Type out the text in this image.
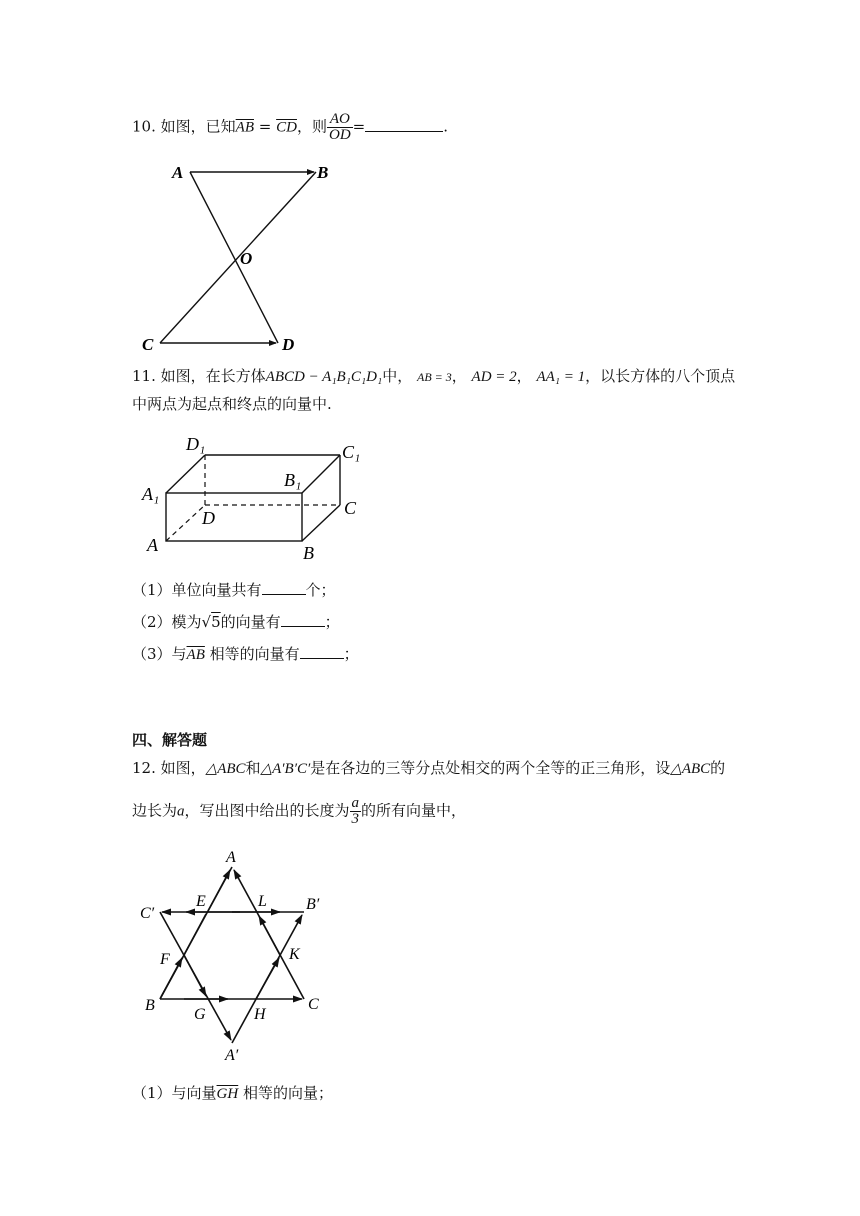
10. 如图，已知$\overline{AB} = \overline{CD}$，则 $\frac{AO}{OD}$ =	.
A	B
O
C	D
11. 如图，在长方体ABCD − A₁B₁C₁D₁中， AB = 3， AD = 2， AA₁ = 1，以长方体的八个顶点
中两点为起点和终点的向量中.
D₁	C₁
B₁
A₁
D	C
A	B
（1）单位向量共有	个；
（2）模为√5的向量有	；
（3）与$\overline{AB}$ 相等的向量有	；
四、解答题
12. 如图，△ABC和△A′B′C′是在各边的三等分点处相交的两个全等的正三角形，设△ABC的
边长为a，写出图中给出的长度为 $\frac{a}{3}$ 的所有向量中，
A
C′
E	L B′
F	K
B	C
G	H
A′
（1）与向量$\overline{GH}$ 相等的向量；
